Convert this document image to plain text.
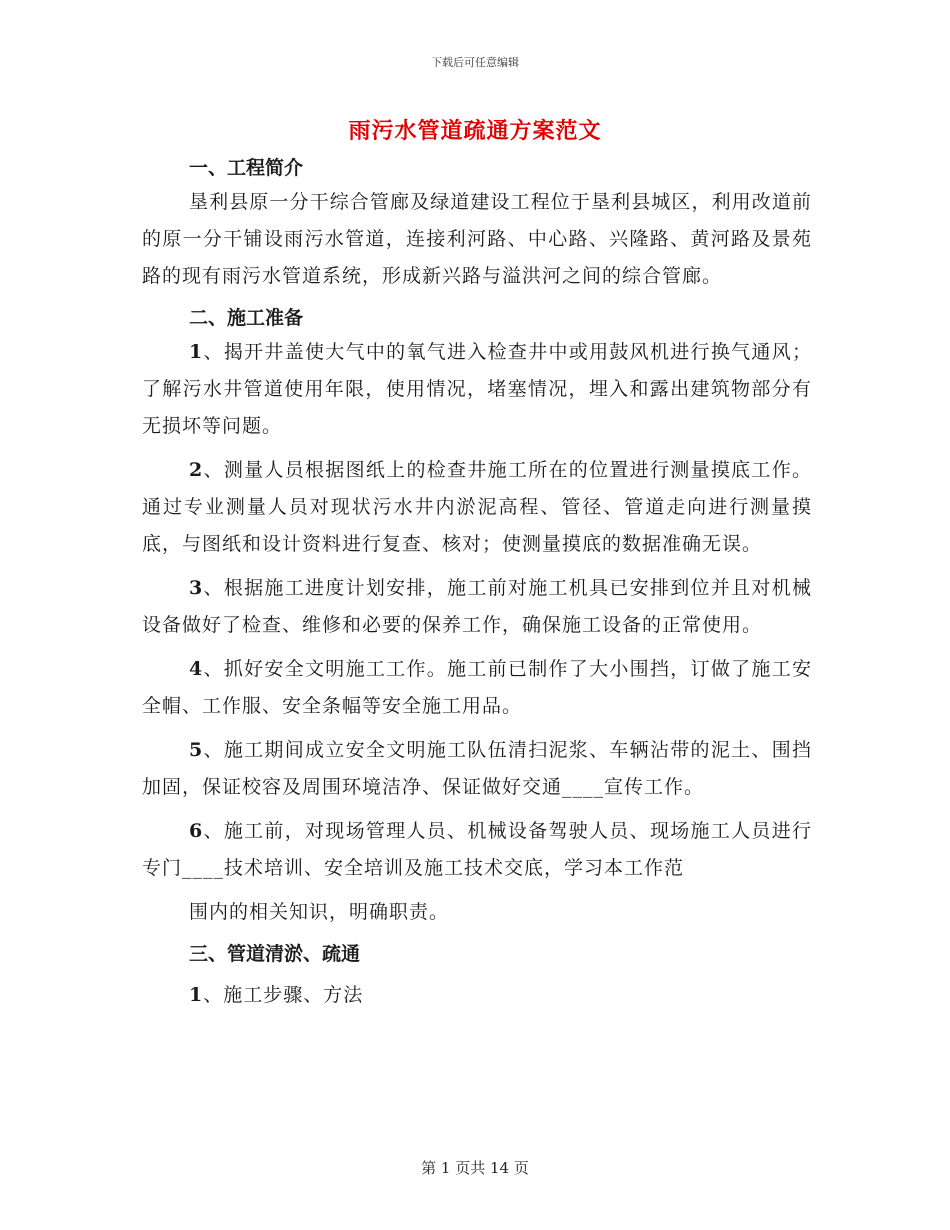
下载后可任意编辑
雨污水管道疏通方案范文

一、工程简介

垦利县原一分干综合管廊及绿道建设工程位于垦利县城区，利用改道前的原一分干铺设雨污水管道，连接利河路、中心路、兴隆路、黄河路及景苑路的现有雨污水管道系统，形成新兴路与溢洪河之间的综合管廊。

二、施工准备

1、揭开井盖使大气中的氧气进入检查井中或用鼓风机进行换气通风；了解污水井管道使用年限，使用情况，堵塞情况，埋入和露出建筑物部分有无损坏等问题。

2、测量人员根据图纸上的检查井施工所在的位置进行测量摸底工作。通过专业测量人员对现状污水井内淤泥高程、管径、管道走向进行测量摸底，与图纸和设计资料进行复查、核对；使测量摸底的数据准确无误。

3、根据施工进度计划安排，施工前对施工机具已安排到位并且对机械设备做好了检查、维修和必要的保养工作，确保施工设备的正常使用。

4、抓好安全文明施工工作。施工前已制作了大小围挡，订做了施工安全帽、工作服、安全条幅等安全施工用品。

5、施工期间成立安全文明施工队伍清扫泥浆、车辆沾带的泥土、围挡加固，保证校容及周围环境洁净、保证做好交通____宣传工作。

6、施工前，对现场管理人员、机械设备驾驶人员、现场施工人员进行专门____技术培训、安全培训及施工技术交底，学习本工作范

围内的相关知识，明确职责。

三、管道清淤、疏通

1、施工步骤、方法

第 1 页共 14 页
